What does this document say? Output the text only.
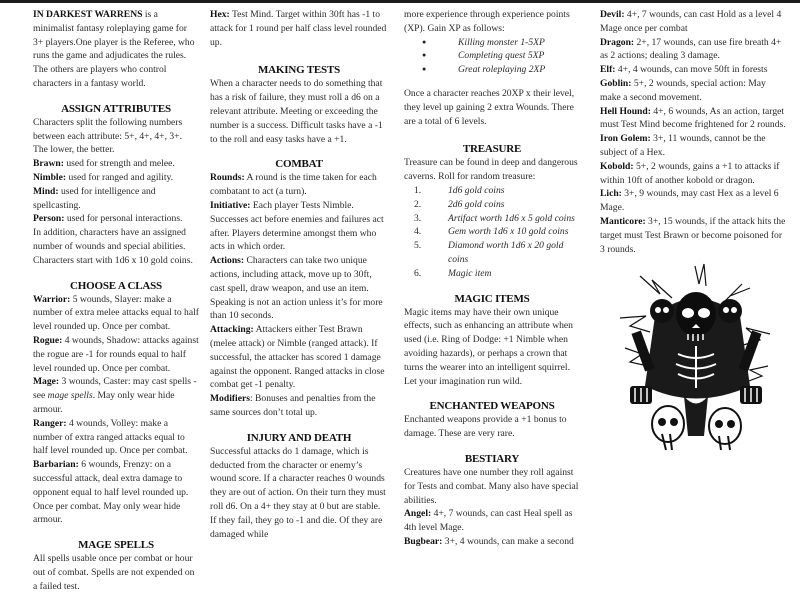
IN DARKEST WARRENS is a minimalist fantasy roleplaying game for 3+ players.One player is the Referee, who runs the game and adjudicates the rules. The others are players who control characters in a fantasy world.

ASSIGN ATTRIBUTES

Characters split the following numbers between each attribute: 5+, 4+, 4+, 3+. The lower, the better.

Brawn: used for strength and melee.

Nimble: used for ranged and agility.

Mind: used for intelligence and spellcasting.

Person: used for personal interactions.

In addition, characters have an assigned number of wounds and special abilities. Characters start with 1d6 x 10 gold coins.

CHOOSE A CLASS

Warrior: 5 wounds, Slayer: make a number of extra melee attacks equal to half level rounded up. Once per combat.

Rogue: 4 wounds, Shadow: attacks against the rogue are -1 for rounds equal to half level rounded up. Once per combat.

Mage: 3 wounds, Caster: may cast spells - see mage spells. May only wear hide armour.

Ranger: 4 wounds, Volley: make a number of extra ranged attacks equal to half level rounded up. Once per combat.

Barbarian: 6 wounds, Frenzy: on a successful attack, deal extra damage to opponent equal to half level rounded up. Once per combat. May only wear hide armour.

MAGE SPELLS

All spells usable once per combat or hour out of combat. Spells are not expended on a failed test.

Hex: Test Mind. Target within 30ft has -1 to attack for 1 round per half class level rounded up.

MAKING TESTS

When a character needs to do something that has a risk of failure, they must roll a d6 on a relevant attribute. Meeting or exceeding the number is a success. Difficult tasks have a -1 to the roll and easy tasks have a +1.

COMBAT

Rounds: A round is the time taken for each combatant to act (a turn).

Initiative: Each player Tests Nimble. Successes act before enemies and failures act after. Players determine amongst them who acts in which order.

Actions: Characters can take two unique actions, including attack, move up to 30ft, cast spell, draw weapon, and use an item. Speaking is not an action unless it’s for more than 10 seconds.

Attacking: Attackers either Test Brawn (melee attack) or Nimble (ranged attack). If successful, the attacker has scored 1 damage against the opponent. Ranged attacks in close combat get -1 penalty.

Modifiers: Bonuses and penalties from the same sources don’t total up.

INJURY AND DEATH

Successful attacks do 1 damage, which is deducted from the character or enemy’s wound score. If a character reaches 0 wounds they are out of action. On their turn they must roll d6. On a 4+ they stay at 0 but are stable. If they fail, they go to -1 and die. Of they are damaged while

more experience through experience points (XP). Gain XP as follows:

● Killing monster 1-5XP
● Completing quest 5XP
● Great roleplaying 2XP

Once a character reaches 20XP x their level, they level up gaining 2 extra Wounds. There are a total of 6 levels.

TREASURE

Treasure can be found in deep and dangerous caverns. Roll for random treasure:

1.	1d6 gold coins
2.	2d6 gold coins
3.	Artifact worth 1d6 x 5 gold coins
4.	Gem worth 1d6 x 10 gold coins
5.	Diamond worth 1d6 x 20 gold coins
6.	Magic item
MAGIC ITEMS

Magic items may have their own unique effects, such as enhancing an attribute when used (i.e. Ring of Dodge: +1 Nimble when avoiding hazards), or perhaps a crown that turns the wearer into an intelligent squirrel. Let your imagination run wild.

ENCHANTED WEAPONS

Enchanted weapons provide a +1 bonus to damage. These are very rare.

BESTIARY

Creatures have one number they roll against for Tests and combat. Many also have special abilities.

Angel: 4+, 7 wounds, can cast Heal spell as 4th level Mage.

Bugbear: 3+, 4 wounds, can make a second

Devil: 4+, 7 wounds, can cast Hold as a level 4 Mage once per combat

Dragon: 2+, 17 wounds, can use fire breath 4+ as 2 actions; dealing 3 damage.

Elf: 4+, 4 wounds, can move 50ft in forests

Goblin: 5+, 2 wounds, special action: May make a second movement.

Hell Hound: 4+, 6 wounds, As an action, target must Test Mind become frightened for 2 rounds.

Iron Golem: 3+, 11 wounds, cannot be the subject of a Hex.

Kobold: 5+, 2 wounds, gains a +1 to attacks if within 10ft of another kobold or dragon.

Lich: 3+, 9 wounds, may cast Hex as a level 6 Mage.

Manticore: 3+, 15 wounds, if the attack hits the target must Test Brawn or become poisoned for 3 rounds.
